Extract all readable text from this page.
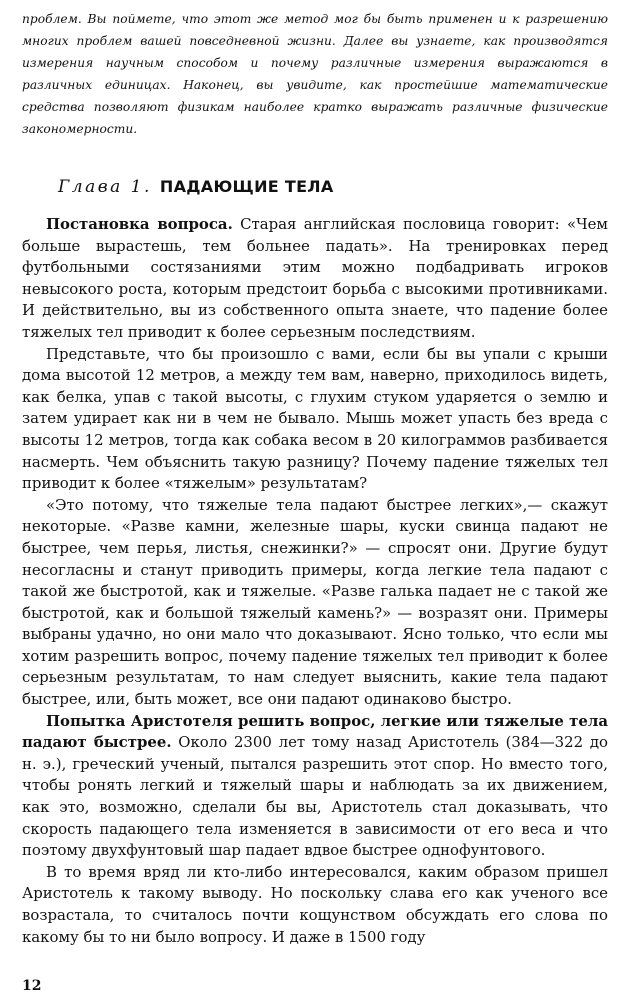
проблем. Вы поймете, что этот же метод мог бы быть применен и к разрешению многих проблем вашей повседневной жизни. Далее вы узнаете, как производятся измерения научным способом и почему различные измерения выражаются в различных единицах. Наконец, вы увидите, как простейшие математические средства позволяют физикам наиболее кратко выражать различные физические закономерности.

Глава 1. ПАДАЮЩИЕ ТЕЛА

Постановка вопроса. Старая английская пословица говорит: «Чем больше вырастешь, тем больнее падать». На тренировках перед футбольными состязаниями этим можно подбадривать игроков невысокого роста, которым предстоит борьба с высокими противниками. И действительно, вы из собственного опыта знаете, что падение более тяжелых тел приводит к более серьезным последствиям.

Представьте, что бы произошло с вами, если бы вы упали с крыши дома высотой 12 метров, а между тем вам, наверно, приходилось видеть, как белка, упав с такой высоты, с глухим стуком ударяется о землю и затем удирает как ни в чем не бывало. Мышь может упасть без вреда с высоты 12 метров, тогда как собака весом в 20 килограммов разбивается насмерть. Чем объяснить такую разницу? Почему падение тяжелых тел приводит к более «тяжелым» результатам?

«Это потому, что тяжелые тела падают быстрее легких»,— скажут некоторые. «Разве камни, железные шары, куски свинца падают не быстрее, чем перья, листья, снежинки?» — спросят они. Другие будут несогласны и станут приводить примеры, когда легкие тела падают с такой же быстротой, как и тяжелые. «Разве галька падает не с такой же быстротой, как и большой тяжелый камень?» — возразят они. Примеры выбраны удачно, но они мало что доказывают. Ясно только, что если мы хотим разрешить вопрос, почему падение тяжелых тел приводит к более серьезным результатам, то нам следует выяснить, какие тела падают быстрее, или, быть может, все они падают одинаково быстро.

Попытка Аристотеля решить вопрос, легкие или тяжелые тела падают быстрее. Около 2300 лет тому назад Аристотель (384—322 до н. э.), греческий ученый, пытался разрешить этот спор. Но вместо того, чтобы ронять легкий и тяжелый шары и наблюдать за их движением, как это, возможно, сделали бы вы, Аристотель стал доказывать, что скорость падающего тела изменяется в зависимости от его веса и что поэтому двухфунтовый шар падает вдвое быстрее однофунтового.

В то время вряд ли кто-либо интересовался, каким образом пришел Аристотель к такому выводу. Но поскольку слава его как ученого все возрастала, то считалось почти кощунством обсуждать его слова по какому бы то ни было вопросу. И даже в 1500 году

12
